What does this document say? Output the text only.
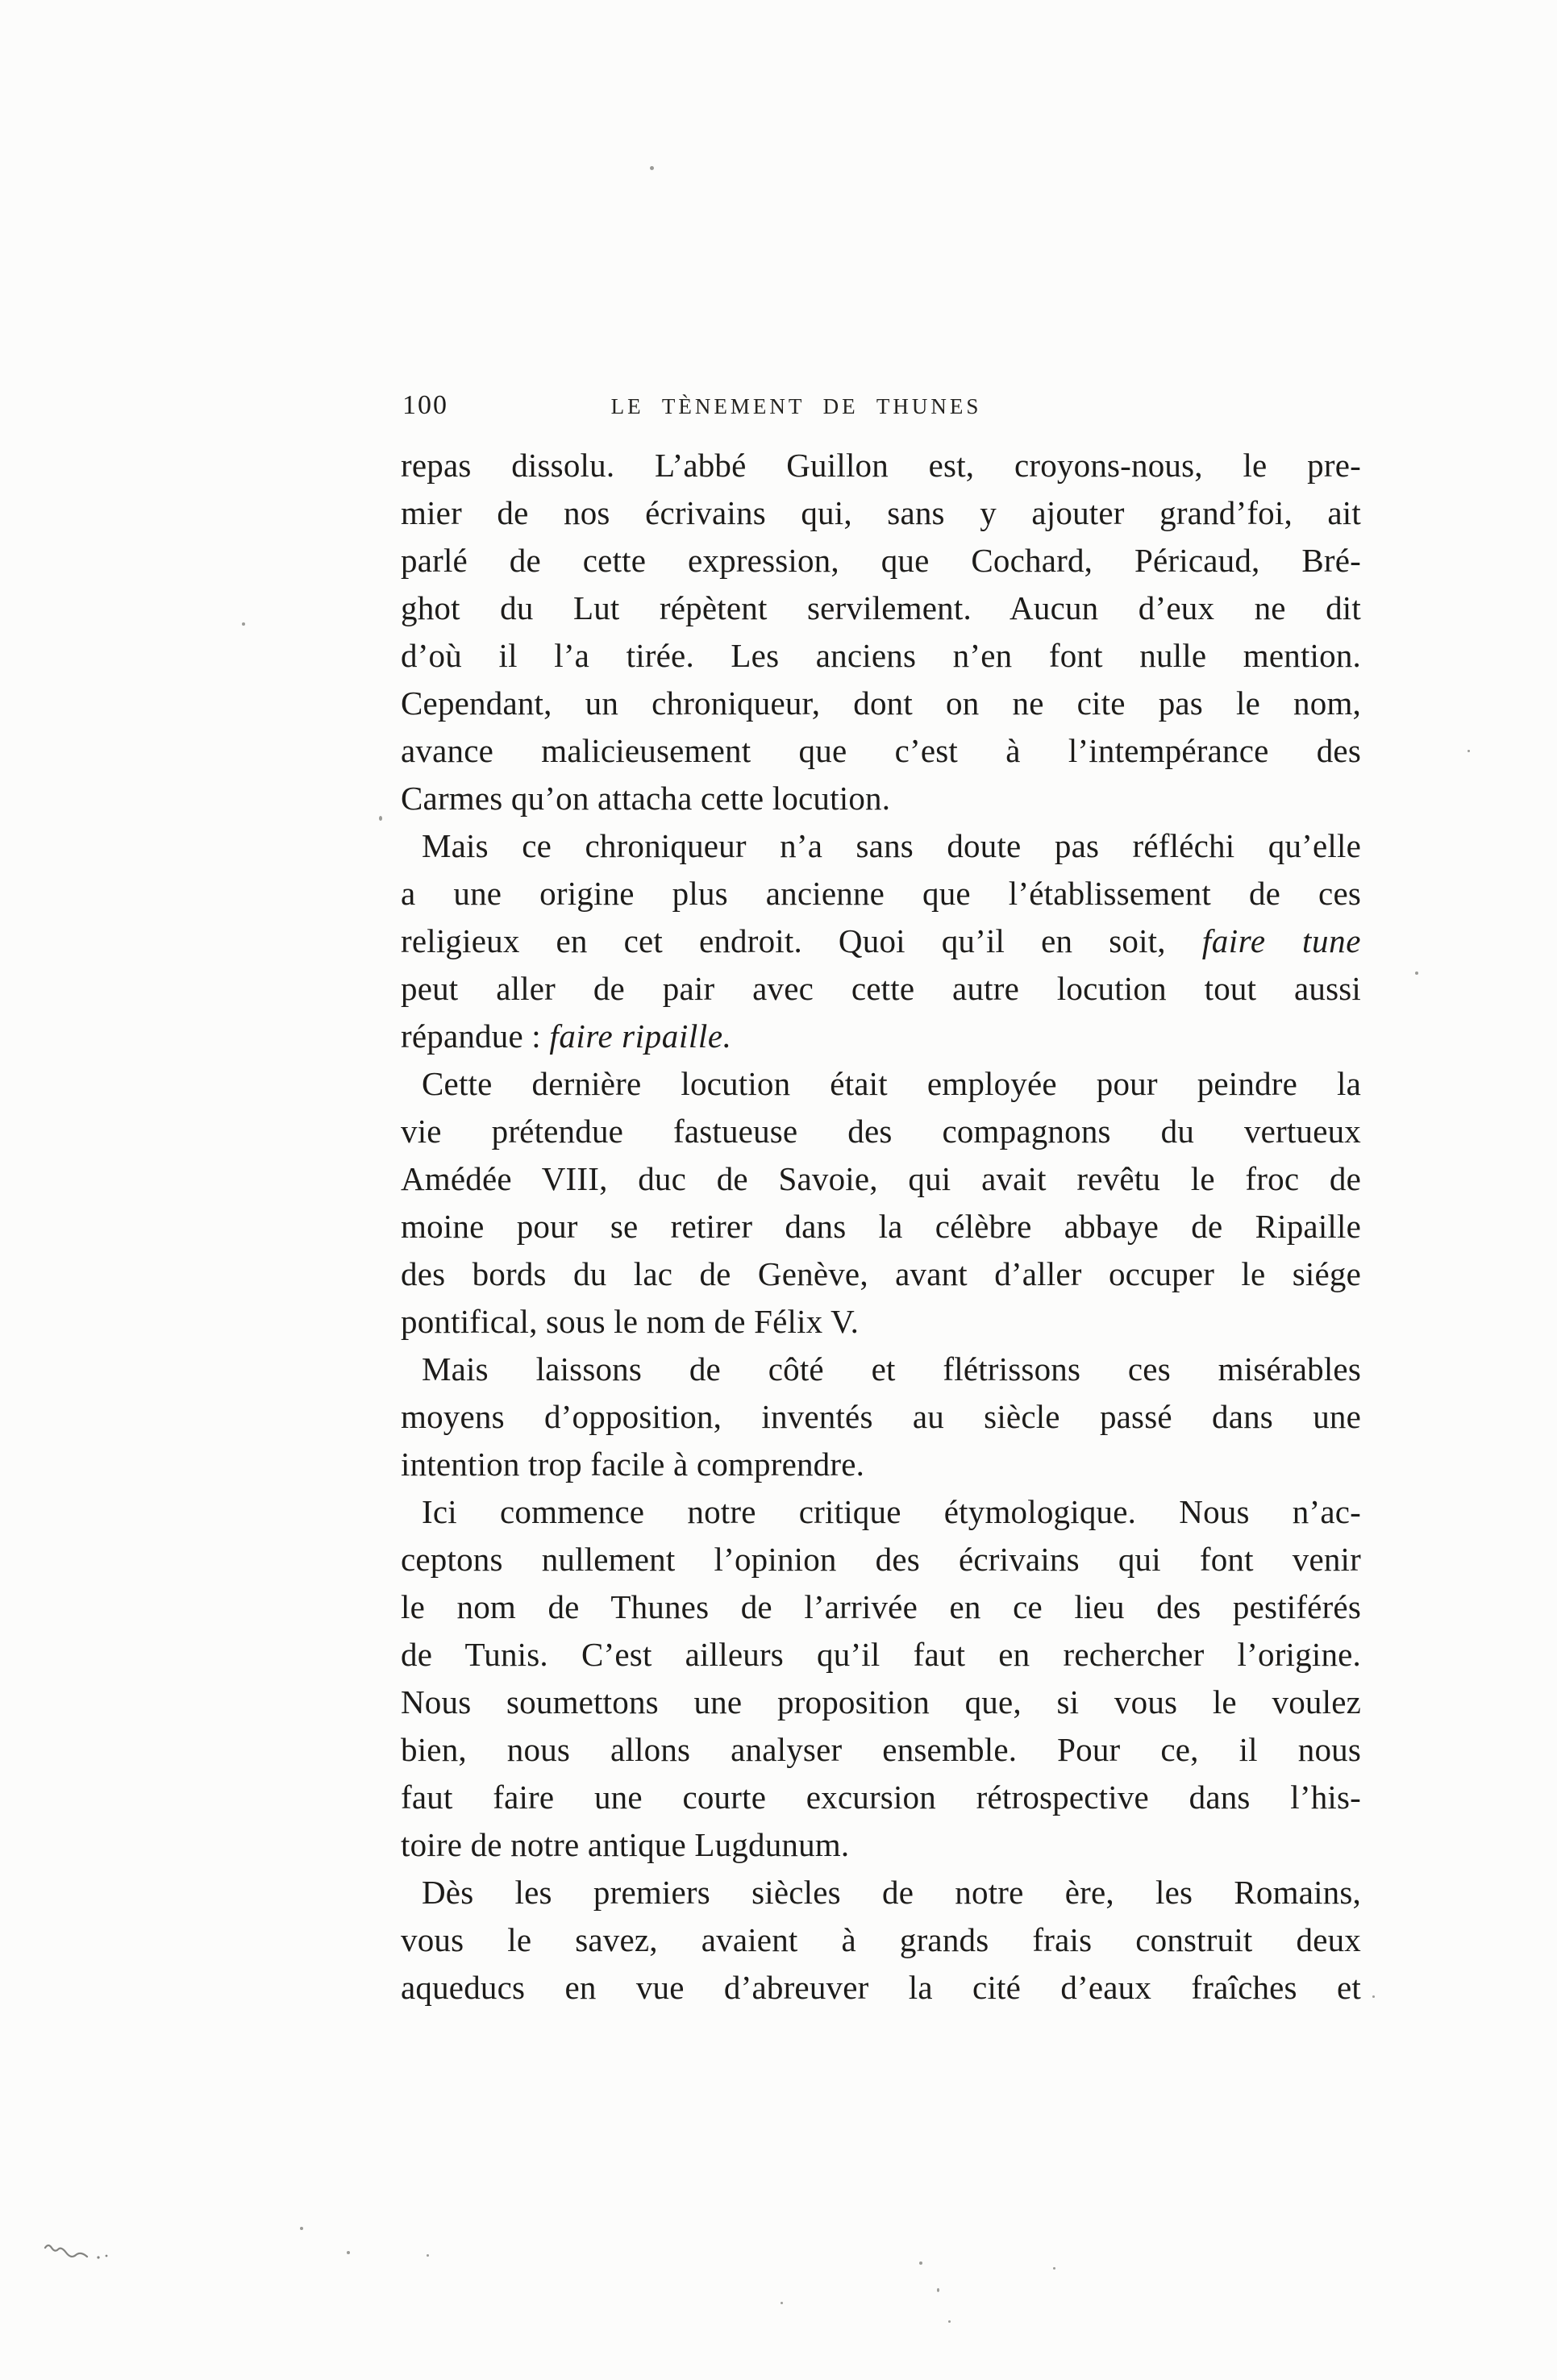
100	LE TÈNEMENT DE THUNES
repas dissolu. L’abbé Guillon est, croyons-nous, le pre-
mier de nos écrivains qui, sans y ajouter grand’foi, ait
parlé de cette expression, que Cochard, Péricaud, Bré-
ghot du Lut répètent servilement. Aucun d’eux ne dit
d’où il l’a tirée. Les anciens n’en font nulle mention.
Cependant, un chroniqueur, dont on ne cite pas le nom,
avance malicieusement que c’est à l’intempérance des
Carmes qu’on attacha cette locution.
Mais ce chroniqueur n’a sans doute pas réfléchi qu’elle
a une origine plus ancienne que l’établissement de ces
religieux en cet endroit. Quoi qu’il en soit, faire tune
peut aller de pair avec cette autre locution tout aussi
répandue : faire ripaille.
Cette dernière locution était employée pour peindre la
vie prétendue fastueuse des compagnons du vertueux
Amédée VIII, duc de Savoie, qui avait revêtu le froc de
moine pour se retirer dans la célèbre abbaye de Ripaille
des bords du lac de Genève, avant d’aller occuper le siége
pontifical, sous le nom de Félix V.
Mais laissons de côté et flétrissons ces misérables
moyens d’opposition, inventés au siècle passé dans une
intention trop facile à comprendre.
Ici commence notre critique étymologique. Nous n’ac-
ceptons nullement l’opinion des écrivains qui font venir
le nom de Thunes de l’arrivée en ce lieu des pestiférés
de Tunis. C’est ailleurs qu’il faut en rechercher l’origine.
Nous soumettons une proposition que, si vous le voulez
bien, nous allons analyser ensemble. Pour ce, il nous
faut faire une courte excursion rétrospective dans l’his-
toire de notre antique Lugdunum.
Dès les premiers siècles de notre ère, les Romains,
vous le savez, avaient à grands frais construit deux
aqueducs en vue d’abreuver la cité d’eaux fraîches et
